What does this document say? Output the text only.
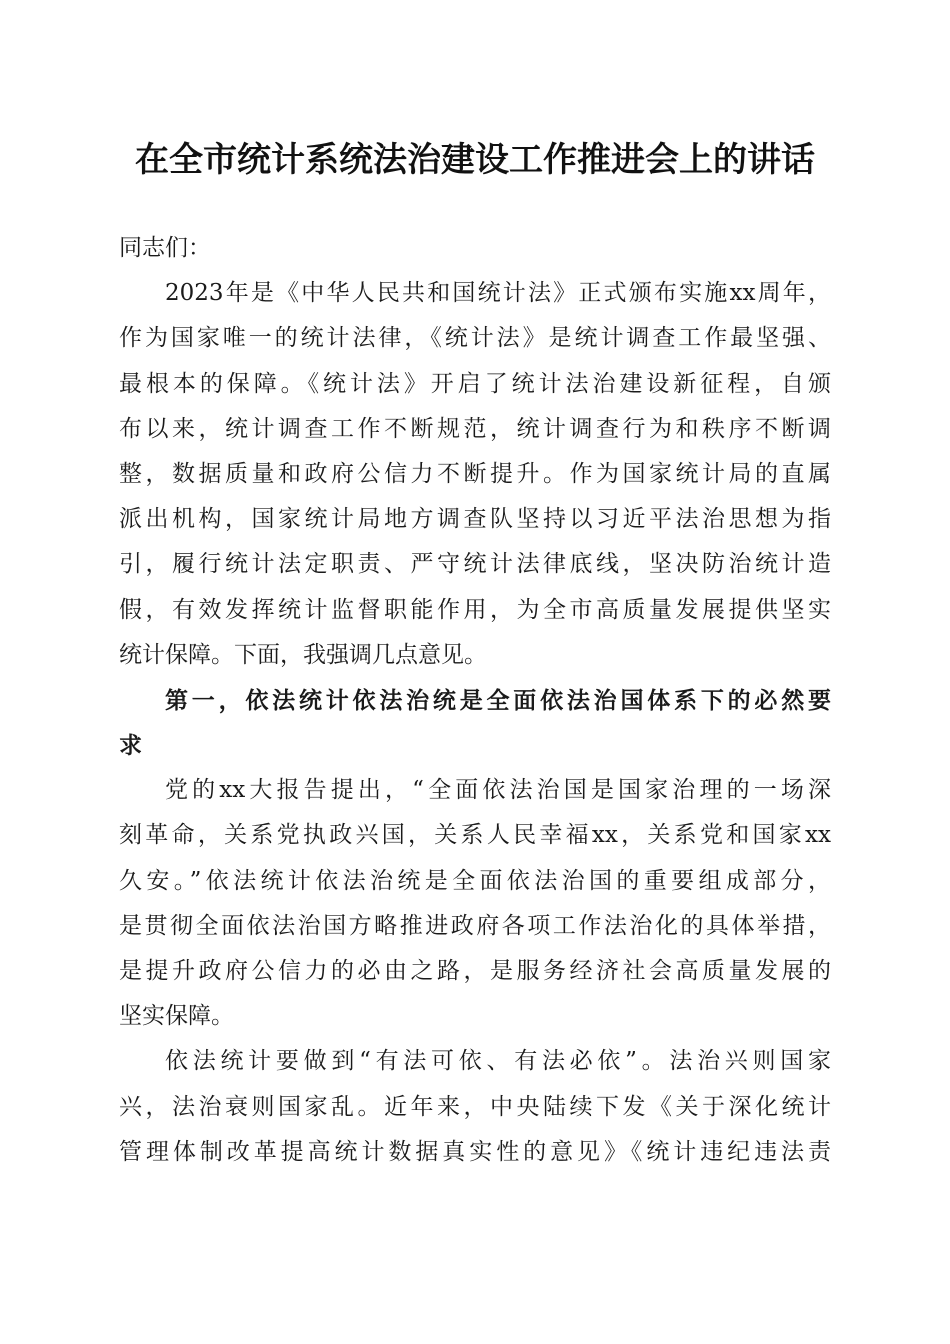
在全市统计系统法治建设工作推进会上的讲话
同志们：
2023年是《中华人民共和国统计法》正式颁布实施xx周年，
作为国家唯一的统计法律，《统计法》是统计调查工作最坚强、
最根本的保障。《统计法》开启了统计法治建设新征程，自颁
布以来，统计调查工作不断规范，统计调查行为和秩序不断调
整，数据质量和政府公信力不断提升。作为国家统计局的直属
派出机构，国家统计局地方调查队坚持以习近平法治思想为指
引，履行统计法定职责、严守统计法律底线，坚决防治统计造
假，有效发挥统计监督职能作用，为全市高质量发展提供坚实
统计保障。下面，我强调几点意见。
第一，依法统计依法治统是全面依法治国体系下的必然要
求
党的xx大报告提出，“全面依法治国是国家治理的一场深
刻革命，关系党执政兴国，关系人民幸福xx，关系党和国家xx
久安。”依法统计依法治统是全面依法治国的重要组成部分，
是贯彻全面依法治国方略推进政府各项工作法治化的具体举措，
是提升政府公信力的必由之路，是服务经济社会高质量发展的
坚实保障。
依法统计要做到“有法可依、有法必依”。法治兴则国家
兴，法治衰则国家乱。近年来，中央陆续下发《关于深化统计
管理体制改革提高统计数据真实性的意见》《统计违纪违法责
